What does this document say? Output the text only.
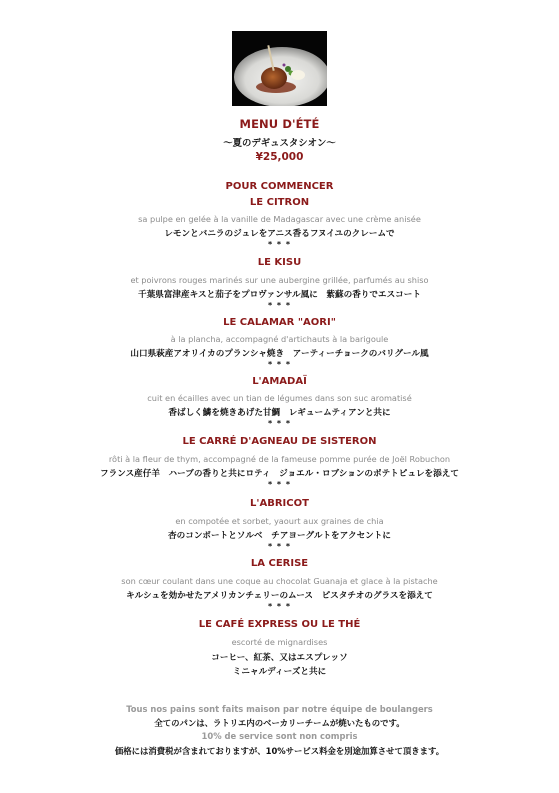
MENU D'ÉTÉ
～夏のデギュスタシオン～
¥25,000
POUR COMMENCER
LE CITRON
sa pulpe en gelée à la vanille de Madagascar avec une crème anisée
レモンとバニラのジュレをアニス香るフヌイユのクレームで
* * *
LE KISU
et poivrons rouges marinés sur une aubergine grillée, parfumés au shiso
千葉県富津産キスと茄子をプロヴァンサル風に　紫蘇の香りでエスコート
* * *
LE CALAMAR "AORI"
à la plancha, accompagné d'artichauts à la barigoule
山口県萩産アオリイカのプランシャ焼き　アーティーチョークのバリグール風
* * *
L'AMADAÏ
cuit en écailles avec un tian de légumes dans son suc aromatisé
香ばしく鱗を焼きあげた甘鯛　レギュームティアンと共に
* * *
LE CARRÉ D'AGNEAU DE SISTERON
rôti à la fleur de thym, accompagné de la fameuse pomme purée de Joël Robuchon
フランス産仔羊　ハーブの香りと共にロティ　ジョエル・ロブションのポテトピュレを添えて
* * *
L'ABRICOT
en compotée et sorbet, yaourt aux graines de chia
杏のコンポートとソルベ　チアヨーグルトをアクセントに
* * *
LA CERISE
son cœur coulant dans une coque au chocolat Guanaja et glace à la pistache
キルシュを効かせたアメリカンチェリーのムース　ピスタチオのグラスを添えて
* * *
LE CAFÉ EXPRESS OU LE THÉ
escorté de mignardises
コーヒー、紅茶、又はエスプレッソ
ミニャルディーズと共に
Tous nos pains sont faits maison par notre équipe de boulangers
全てのパンは、ラトリエ内のベーカリーチームが焼いたものです。
10% de service sont non compris
価格には消費税が含まれておりますが、10%サービス料金を別途加算させて頂きます。
